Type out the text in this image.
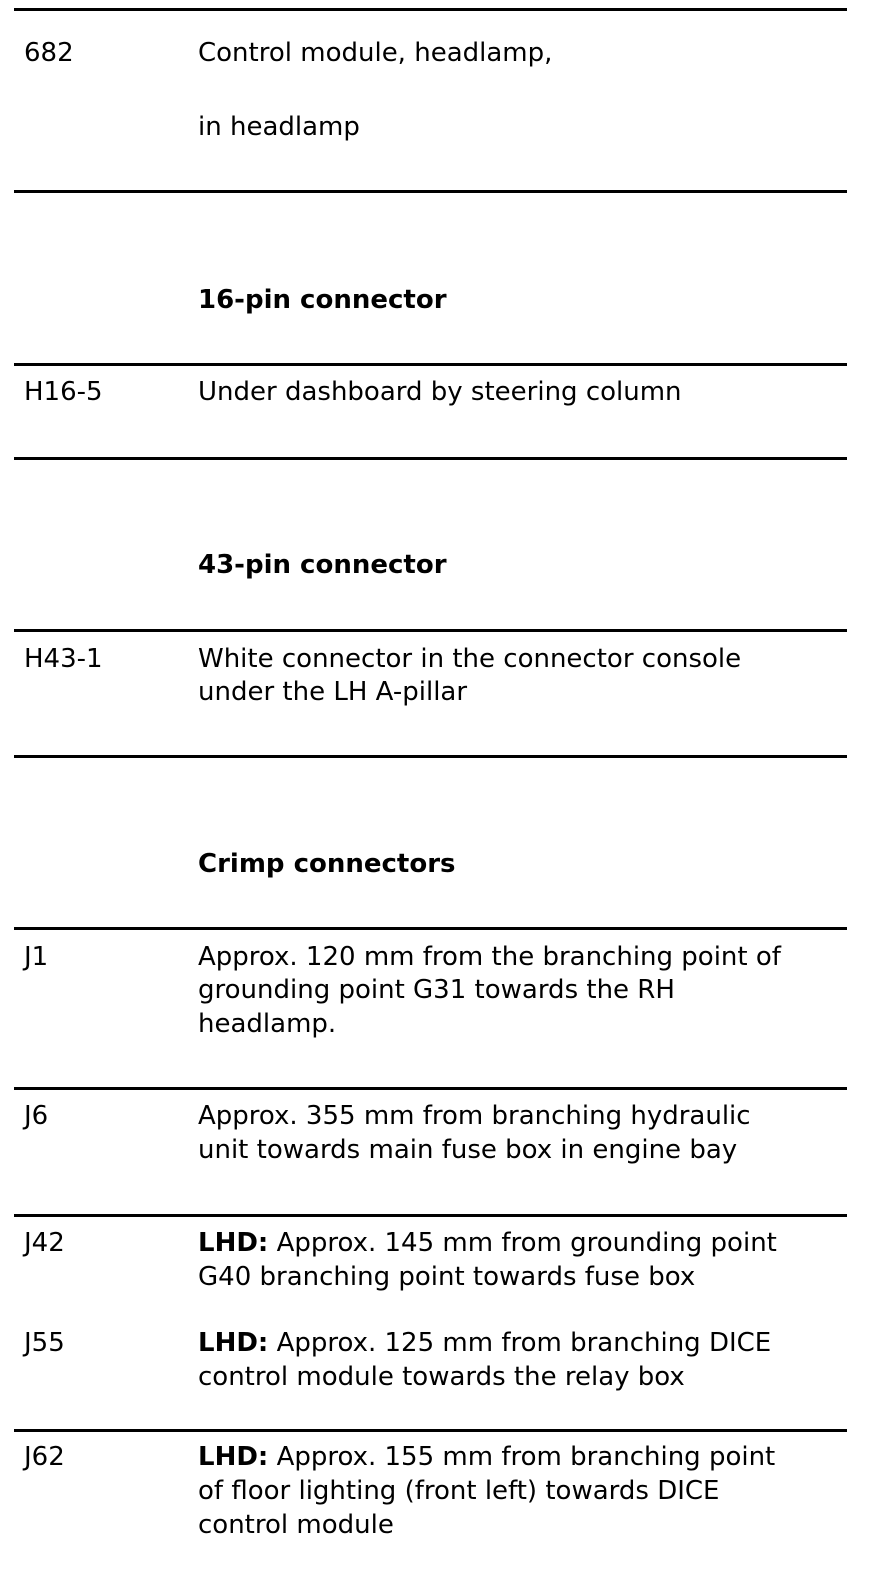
682	Control module, headlamp,
in headlamp
16-pin connector
H16-5	Under dashboard by steering column
43-pin connector
H43-1	White connector in the connector console
under the LH A-pillar
Crimp connectors
J1	Approx. 120 mm from the branching point of
grounding point G31 towards the RH
headlamp.
J6	Approx. 355 mm from branching hydraulic
unit towards main fuse box in engine bay
J42	LHD: Approx. 145 mm from grounding point
G40 branching point towards fuse box
J55	LHD: Approx. 125 mm from branching DICE
control module towards the relay box
J62	LHD: Approx. 155 mm from branching point
of floor lighting (front left) towards DICE
control module
